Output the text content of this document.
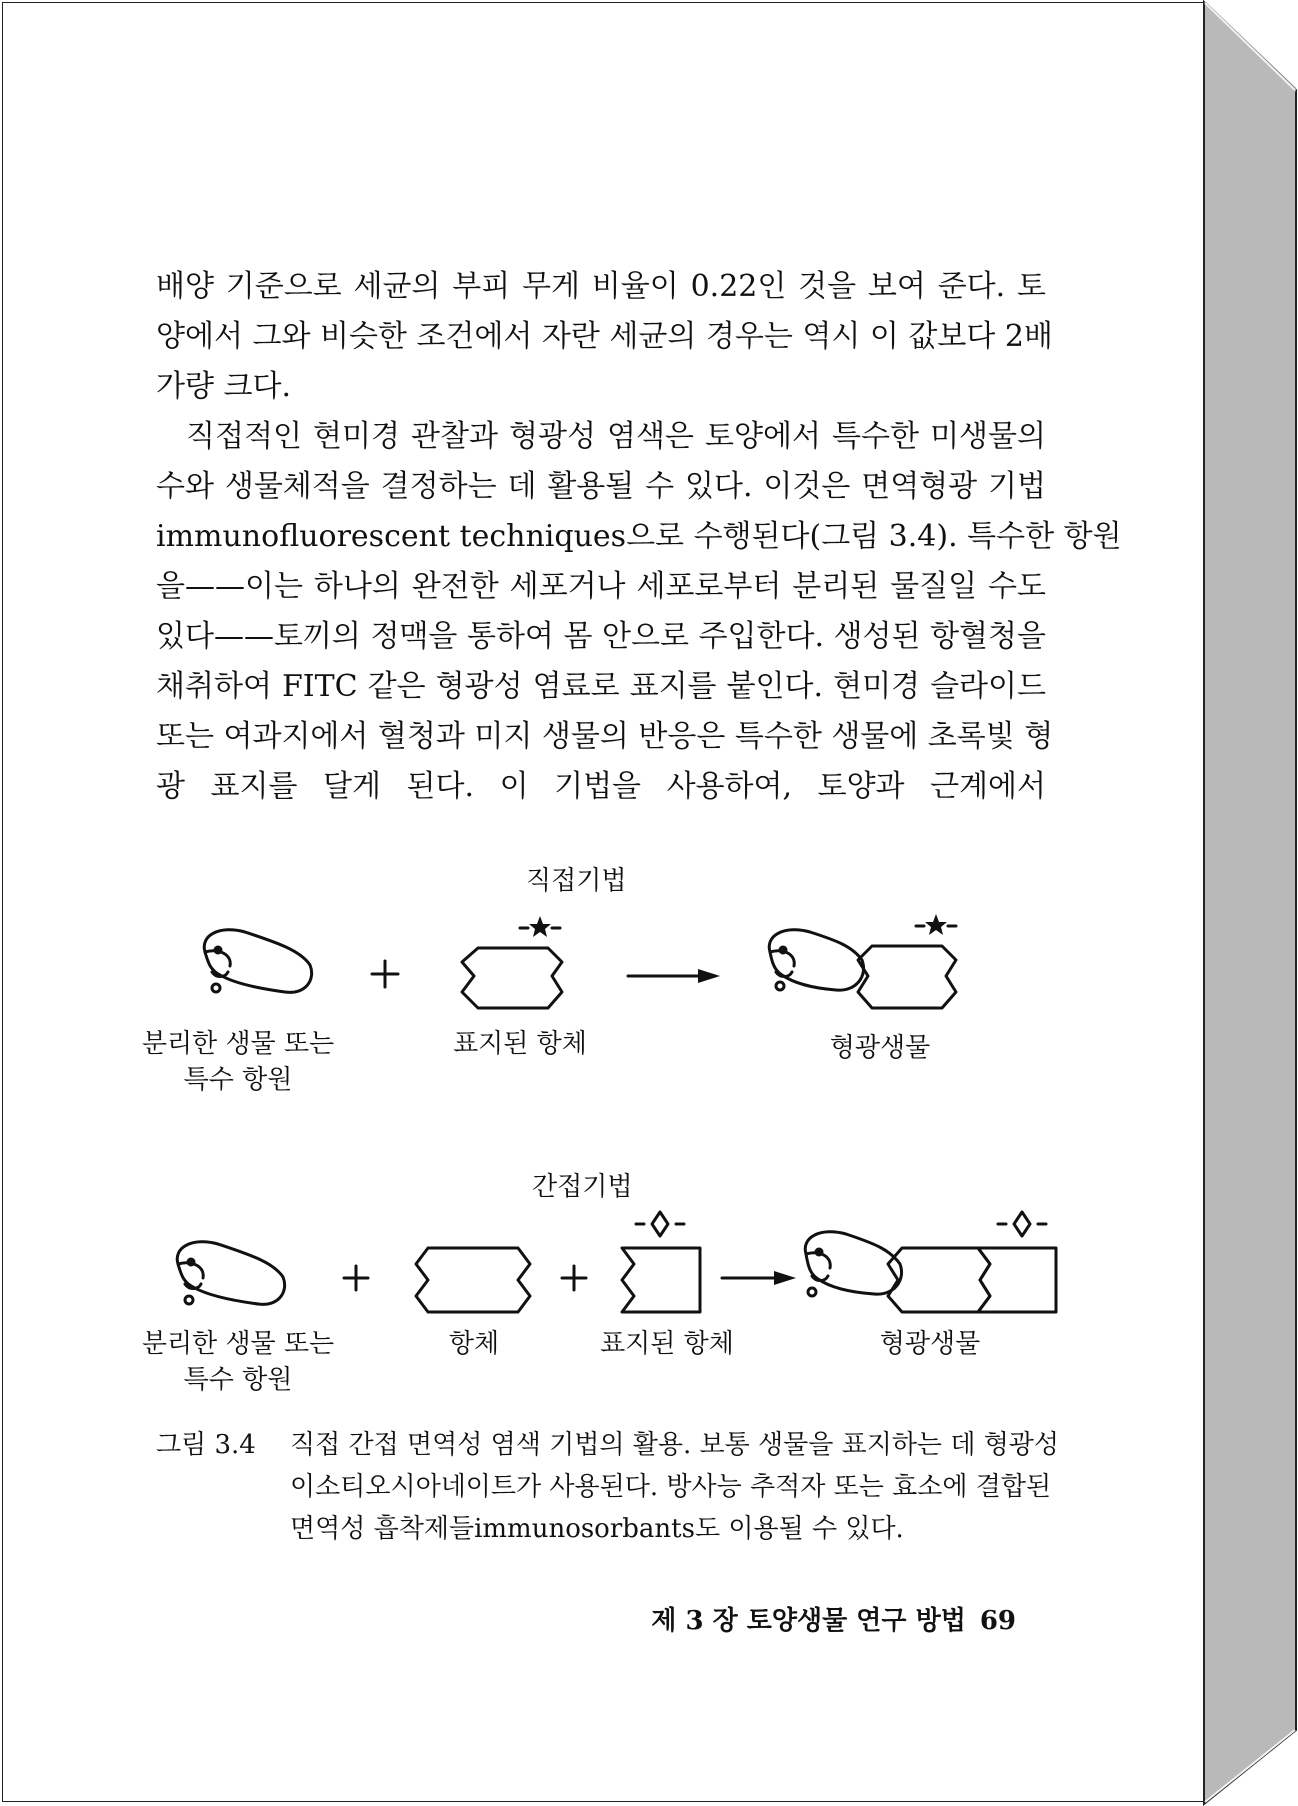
배양 기준으로 세균의 부피 무게 비율이 0.22인 것을 보여 준다. 토
양에서 그와 비슷한 조건에서 자란 세균의 경우는 역시 이 값보다 2배
가량 크다.

직접적인 현미경 관찰과 형광성 염색은 토양에서 특수한 미생물의
수와 생물체적을 결정하는 데 활용될 수 있다. 이것은 면역형광 기법
immunofluorescent techniques으로 수행된다(그림 3.4). 특수한 항원
을——이는 하나의 완전한 세포거나 세포로부터 분리된 물질일 수도
있다——토끼의 정맥을 통하여 몸 안으로 주입한다. 생성된 항혈청을
채취하여 FITC 같은 형광성 염료로 표지를 붙인다. 현미경 슬라이드
또는 여과지에서 혈청과 미지 생물의 반응은 특수한 생물에 초록빛 형
광 표지를 달게 된다. 이 기법을 사용하여, 토양과 근계에서

직접기법
분리한 생물 또는
특수 항원
표지된 항체	형광생물
간접기법
분리한 생물 또는
특수 항원
항체	표지된 항체	형광생물
그림 3.4 직접 간접 면역성 염색 기법의 활용. 보통 생물을 표지하는 데 형광성
이소티오시아네이트가 사용된다. 방사능 추적자 또는 효소에 결합된
면역성 흡착제들immunosorbants도 이용될 수 있다.
제 3 장 토양생물 연구 방법 69
